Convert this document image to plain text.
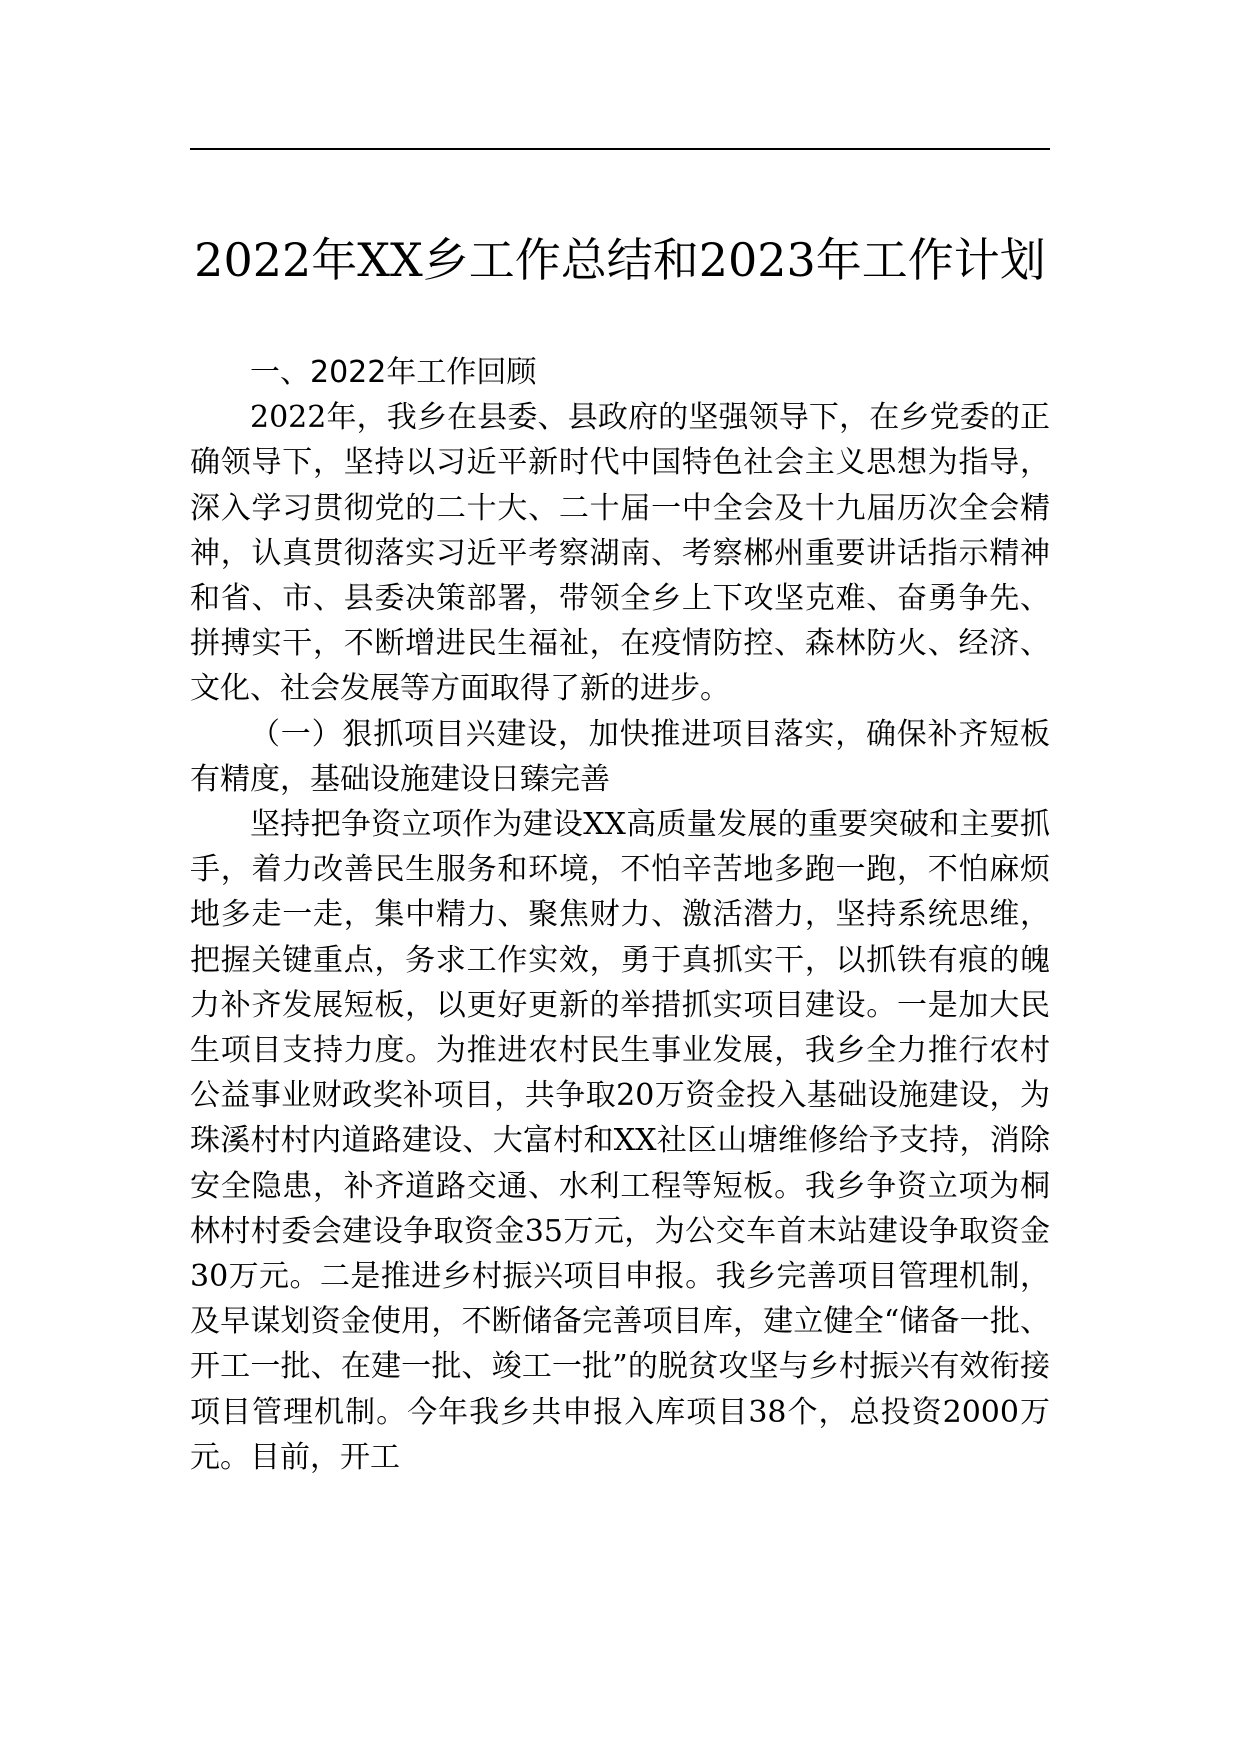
2022年XX乡工作总结和2023年工作计划

一、2022年工作回顾

2022年，我乡在县委、县政府的坚强领导下，在乡党委的正确领导下，坚持以习近平新时代中国特色社会主义思想为指导，深入学习贯彻党的二十大、二十届一中全会及十九届历次全会精神，认真贯彻落实习近平考察湖南、考察郴州重要讲话指示精神和省、市、县委决策部署，带领全乡上下攻坚克难、奋勇争先、拼搏实干，不断增进民生福祉，在疫情防控、森林防火、经济、文化、社会发展等方面取得了新的进步。

（一）狠抓项目兴建设，加快推进项目落实，确保补齐短板有精度，基础设施建设日臻完善

坚持把争资立项作为建设XX高质量发展的重要突破和主要抓手，着力改善民生服务和环境，不怕辛苦地多跑一跑，不怕麻烦地多走一走，集中精力、聚焦财力、激活潜力，坚持系统思维，把握关键重点，务求工作实效，勇于真抓实干，以抓铁有痕的魄力补齐发展短板，以更好更新的举措抓实项目建设。一是加大民生项目支持力度。为推进农村民生事业发展，我乡全力推行农村公益事业财政奖补项目，共争取20万资金投入基础设施建设，为珠溪村村内道路建设、大富村和XX社区山塘维修给予支持，消除安全隐患，补齐道路交通、水利工程等短板。我乡争资立项为桐林村村委会建设争取资金35万元，为公交车首末站建设争取资金30万元。二是推进乡村振兴项目申报。我乡完善项目管理机制，及早谋划资金使用，不断储备完善项目库，建立健全“储备一批、开工一批、在建一批、竣工一批”的脱贫攻坚与乡村振兴有效衔接项目管理机制。今年我乡共申报入库项目38个，总投资2000万元。目前，开工
